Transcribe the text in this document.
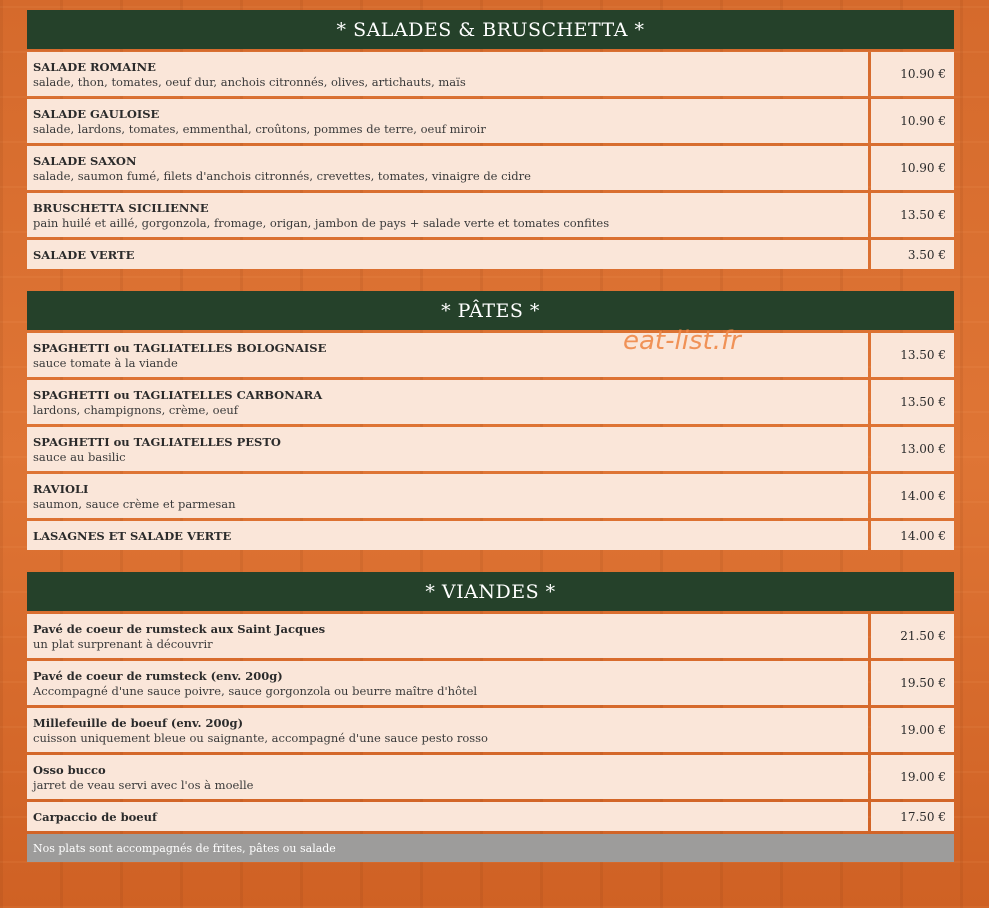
* SALADES & BRUSCHETTA *
SALADE ROMAINE
salade, thon, tomates, oeuf dur, anchois citronnés, olives, artichauts, maïs
10.90 €
SALADE GAULOISE
salade, lardons, tomates, emmenthal, croûtons, pommes de terre, oeuf miroir
10.90 €
SALADE SAXON
salade, saumon fumé, filets d'anchois citronnés, crevettes, tomates, vinaigre de cidre
10.90 €
BRUSCHETTA SICILIENNE
pain huilé et aillé, gorgonzola, fromage, origan, jambon de pays + salade verte et tomates confites
13.50 €
SALADE VERTE	3.50 €
* PÂTES *
SPAGHETTI ou TAGLIATELLES BOLOGNAISE
sauce tomate à la viande
13.50 €
SPAGHETTI ou TAGLIATELLES CARBONARA
lardons, champignons, crème, oeuf
13.50 €
SPAGHETTI ou TAGLIATELLES PESTO
sauce au basilic
13.00 €
RAVIOLI
saumon, sauce crème et parmesan
14.00 €
LASAGNES ET SALADE VERTE	14.00 €
* VIANDES *
Pavé de coeur de rumsteck aux Saint Jacques
un plat surprenant à découvrir
21.50 €
Pavé de coeur de rumsteck (env. 200g)
Accompagné d'une sauce poivre, sauce gorgonzola ou beurre maître d'hôtel
19.50 €
Millefeuille de boeuf (env. 200g)
cuisson uniquement bleue ou saignante, accompagné d'une sauce pesto rosso
19.00 €
Osso bucco
jarret de veau servi avec l'os à moelle
19.00 €
Carpaccio de boeuf	17.50 €
Nos plats sont accompagnés de frites, pâtes ou salade
eat-list.fr
